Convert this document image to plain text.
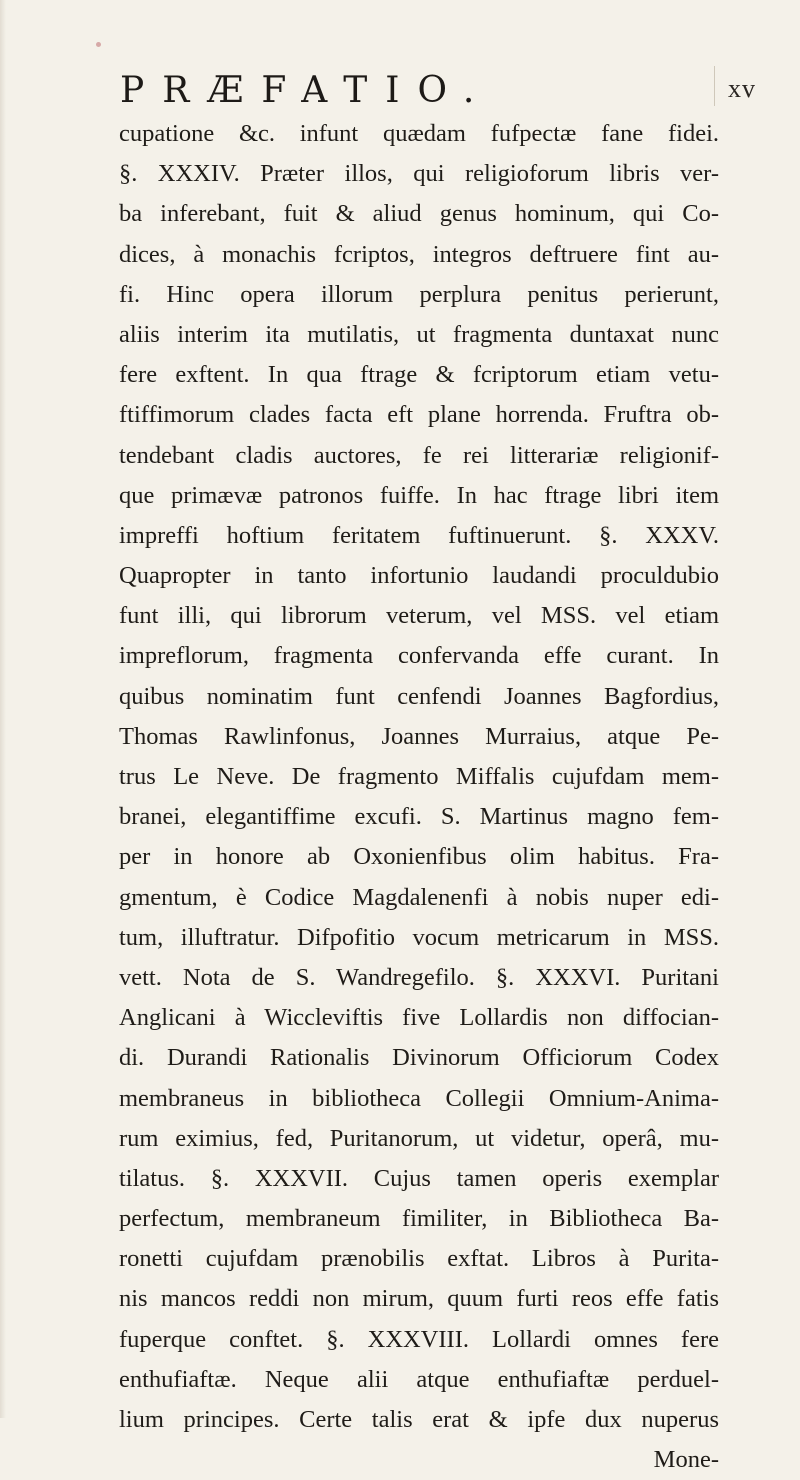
PRÆFATIO.	xv
cupatione &c. infunt quædam fufpectæ fane fidei.
§. XXXIV. Præter illos, qui religioforum libris ver-
ba inferebant, fuit & aliud genus hominum, qui Co-
dices, à monachis fcriptos, integros deftruere fint au-
fi. Hinc opera illorum perplura penitus perierunt,
aliis interim ita mutilatis, ut fragmenta duntaxat nunc
fere exftent. In qua ftrage & fcriptorum etiam vetu-
ftiffimorum clades facta eft plane horrenda. Fruftra ob-
tendebant cladis auctores, fe rei litterariæ religionif-
que primævæ patronos fuiffe. In hac ftrage libri item
impreffi hoftium feritatem fuftinuerunt. §. XXXV.
Quapropter in tanto infortunio laudandi proculdubio
funt illi, qui librorum veterum, vel MSS. vel etiam
impreflorum, fragmenta confervanda effe curant. In
quibus nominatim funt cenfendi Joannes Bagfordius,
Thomas Rawlinfonus, Joannes Murraius, atque Pe-
trus Le Neve. De fragmento Miffalis cujufdam mem-
branei, elegantiffime excufi. S. Martinus magno fem-
per in honore ab Oxonienfibus olim habitus. Fra-
gmentum, è Codice Magdalenenfi à nobis nuper edi-
tum, illuftratur. Difpofitio vocum metricarum in MSS.
vett. Nota de S. Wandregefilo. §. XXXVI. Puritani
Anglicani à Wiccleviftis five Lollardis non diffocian-
di. Durandi Rationalis Divinorum Officiorum Codex
membraneus in bibliotheca Collegii Omnium-Anima-
rum eximius, fed, Puritanorum, ut videtur, operâ, mu-
tilatus. §. XXXVII. Cujus tamen operis exemplar
perfectum, membraneum fimiliter, in Bibliotheca Ba-
ronetti cujufdam prænobilis exftat. Libros à Purita-
nis mancos reddi non mirum, quum furti reos effe fatis
fuperque conftet. §. XXXVIII. Lollardi omnes fere
enthufiaftæ. Neque alii atque enthufiaftæ perduel-
lium principes. Certe talis erat & ipfe dux nuperus
Mone-
